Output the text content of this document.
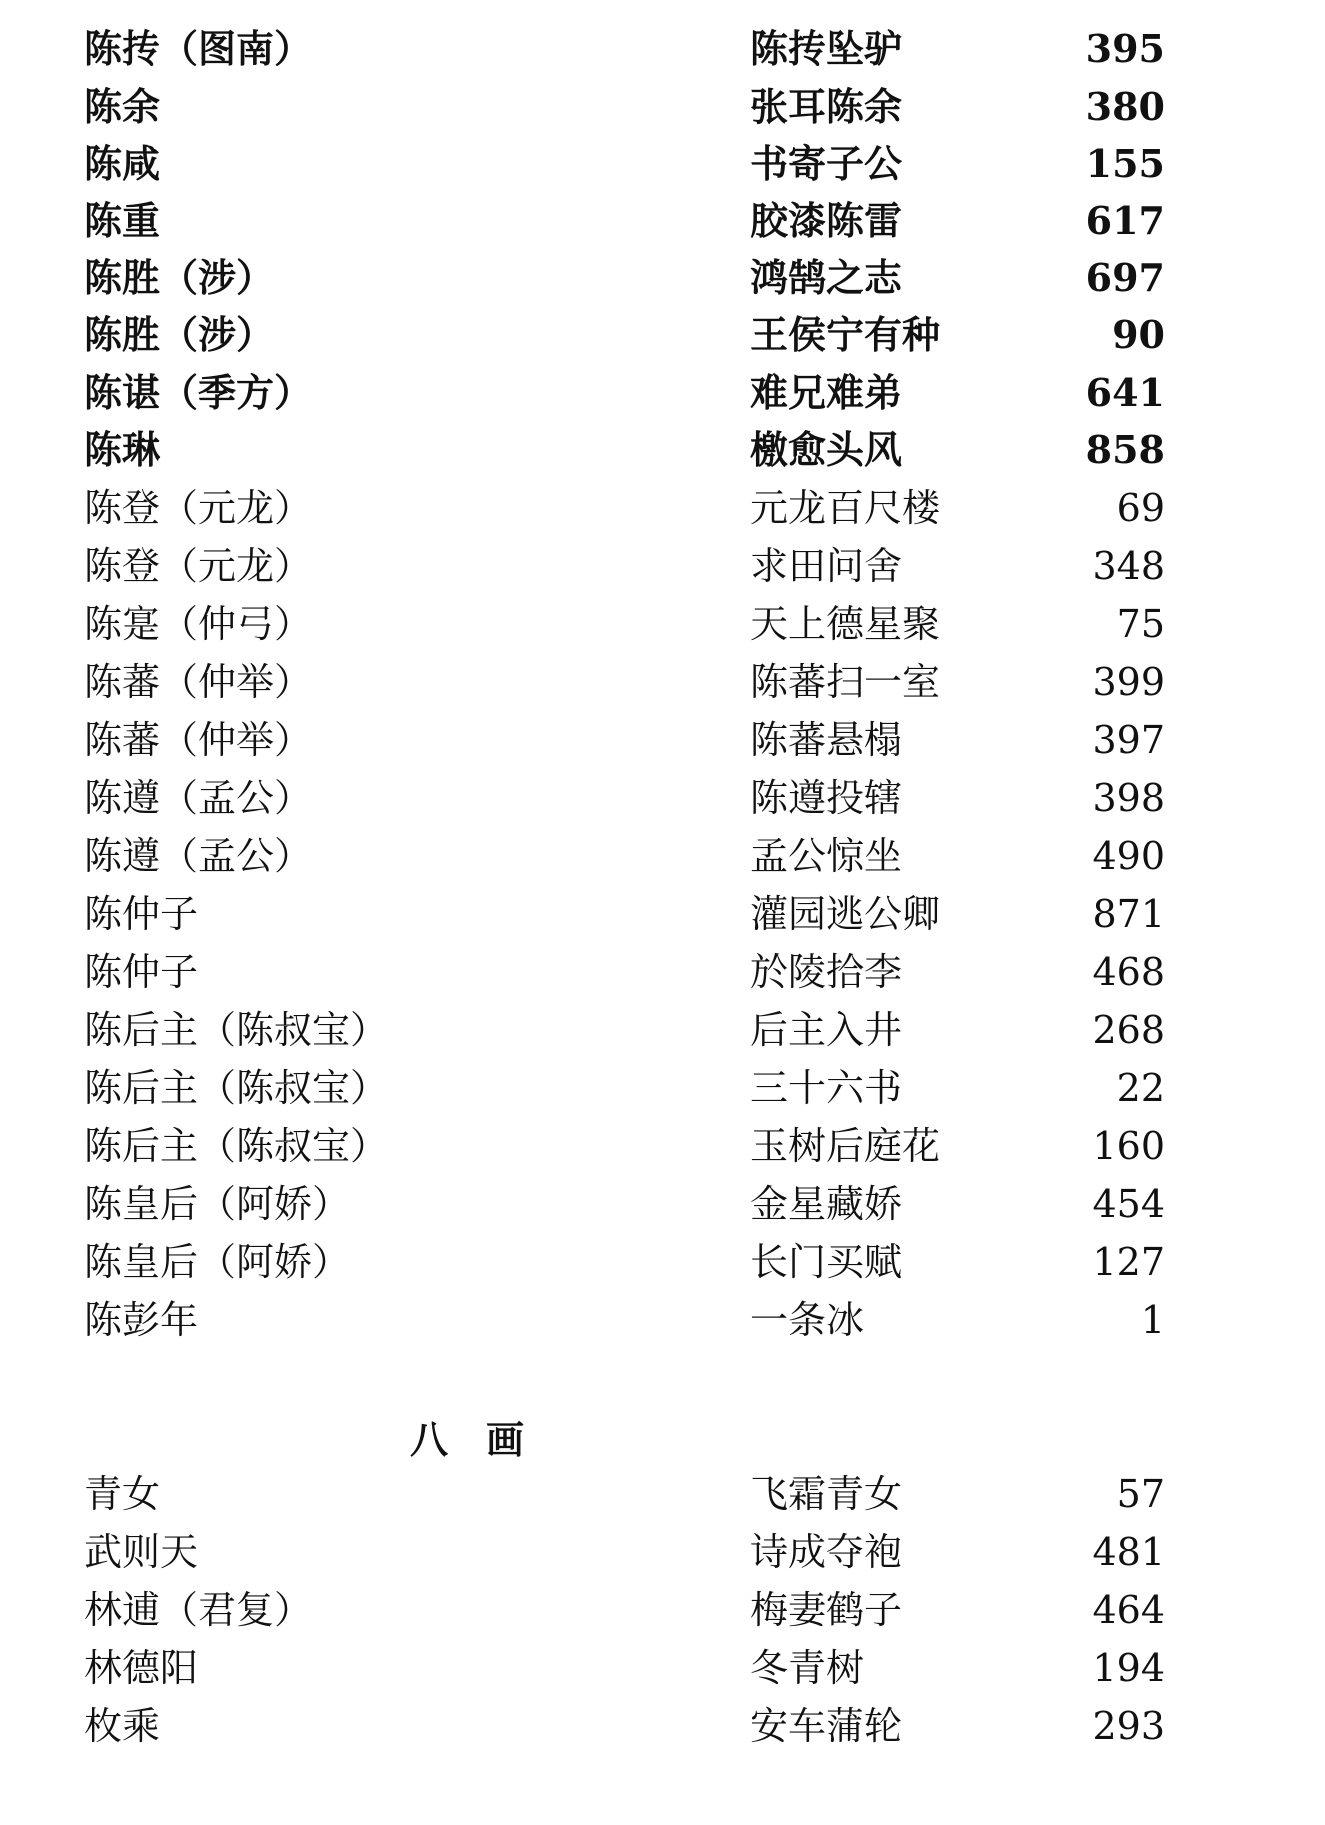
陈抟（图南）	陈抟坠驴	395
陈余	张耳陈余	380
陈咸	书寄子公	155
陈重	胶漆陈雷	617
陈胜（涉）	鸿鹄之志	697
陈胜（涉）	王侯宁有种	90
陈谌（季方）	难兄难弟	641
陈琳	檄愈头风	858
陈登（元龙）	元龙百尺楼	69
陈登（元龙）	求田问舍	348
陈寔（仲弓）	天上德星聚	75
陈蕃（仲举）	陈蕃扫一室	399
陈蕃（仲举）	陈蕃悬榻	397
陈遵（孟公）	陈遵投辖	398
陈遵（孟公）	孟公惊坐	490
陈仲子	灌园逃公卿	871
陈仲子	於陵拾李	468
陈后主（陈叔宝）	后主入井	268
陈后主（陈叔宝）	三十六书	22
陈后主（陈叔宝）	玉树后庭花	160
陈皇后（阿娇）	金星藏娇	454
陈皇后（阿娇）	长门买赋	127
陈彭年	一条冰	1
八画
青女	飞霜青女	57
武则天	诗成夺袍	481
林逋（君复）	梅妻鹤子	464
林德阳	冬青树	194
枚乘	安车蒲轮	293
